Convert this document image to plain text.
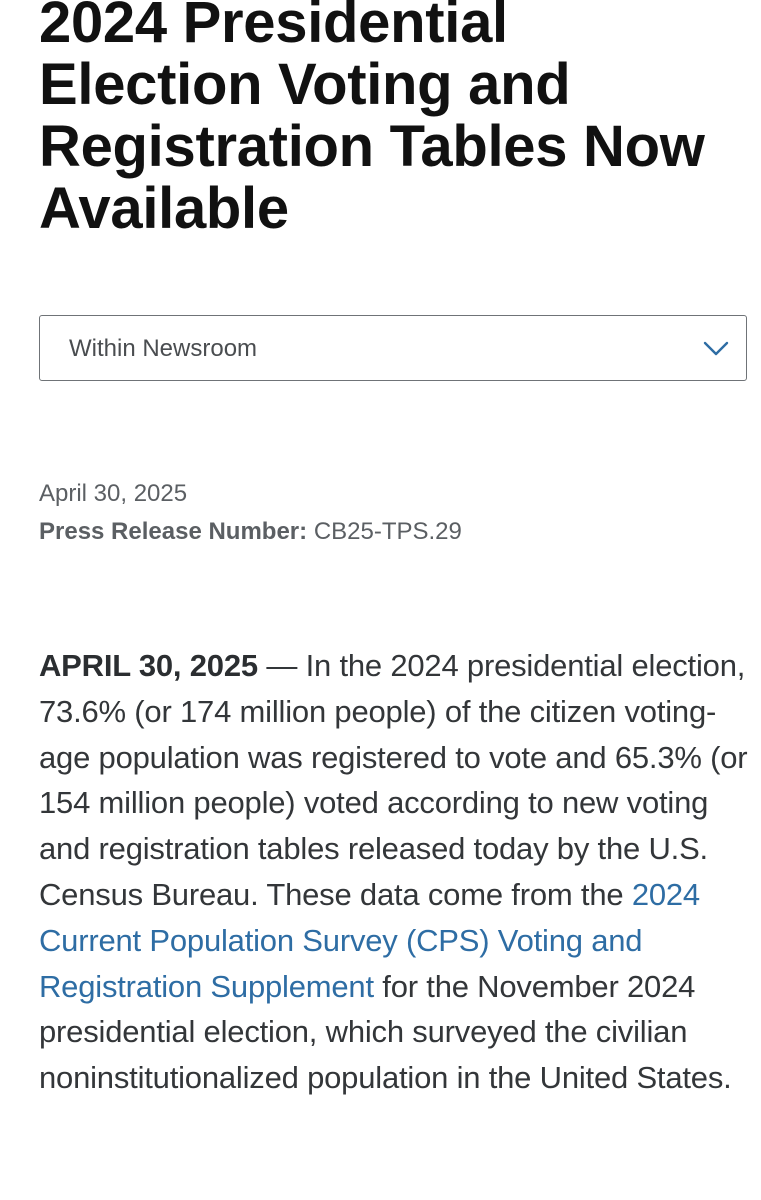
2024 Presidential Election Voting and Registration Tables Now Available
Within Newsroom
April 30, 2025
Press Release Number: CB25-TPS.29

APRIL 30, 2025 — In the 2024 presidential election, 73.6% (or 174 million people) of the citizen voting-age population was registered to vote and 65.3% (or 154 million people) voted according to new voting and registration tables released today by the U.S. Census Bureau. These data come from the 2024 Current Population Survey (CPS) Voting and Registration Supplement for the November 2024 presidential election, which surveyed the civilian noninstitutionalized population in the United States.
